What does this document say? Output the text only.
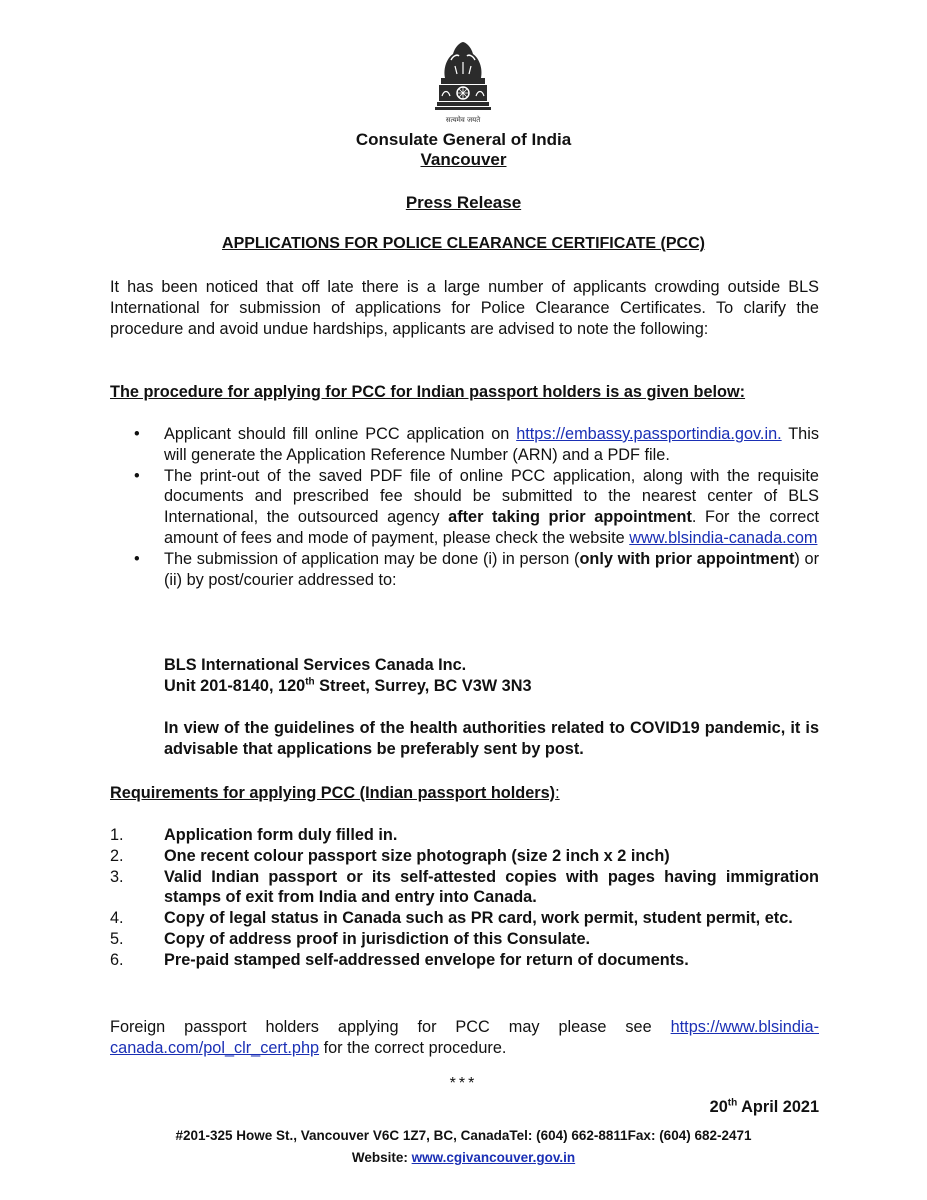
सत्यमेव जयते
Consulate General of India
Vancouver
Press Release
APPLICATIONS FOR POLICE CLEARANCE CERTIFICATE (PCC)
It has been noticed that off late there is a large number of applicants crowding outside BLS International for submission of applications for Police Clearance Certificates. To clarify the procedure and avoid undue hardships, applicants are advised to note the following:
The procedure for applying for PCC for Indian passport holders is as given below:
• Applicant should fill online PCC application on https://embassy.passportindia.gov.in. This will generate the Application Reference Number (ARN) and a PDF file.
• The print-out of the saved PDF file of online PCC application, along with the requisite documents and prescribed fee should be submitted to the nearest center of BLS International, the outsourced agency after taking prior appointment. For the correct amount of fees and mode of payment, please check the website www.blsindia-canada.com
• The submission of application may be done (i) in person (only with prior appointment) or (ii) by post/courier addressed to:
BLS International Services Canada Inc.
Unit 201-8140, 120th Street, Surrey, BC V3W 3N3
In view of the guidelines of the health authorities related to COVID19 pandemic, it is advisable that applications be preferably sent by post.
Requirements for applying PCC (Indian passport holders):
1. Application form duly filled in.
2. One recent colour passport size photograph (size 2 inch x 2 inch)
3. Valid Indian passport or its self-attested copies with pages having immigration stamps of exit from India and entry into Canada.
4. Copy of legal status in Canada such as PR card, work permit, student permit, etc.
5. Copy of address proof in jurisdiction of this Consulate.
6. Pre-paid stamped self-addressed envelope for return of documents.
Foreign passport holders applying for PCC may please see https://www.blsindia-canada.com/pol_clr_cert.php for the correct procedure.
***
20th April 2021
#201-325 Howe St., Vancouver V6C 1Z7, BC, CanadaTel: (604) 662-8811Fax: (604) 682-2471
Website: www.cgivancouver.gov.in
